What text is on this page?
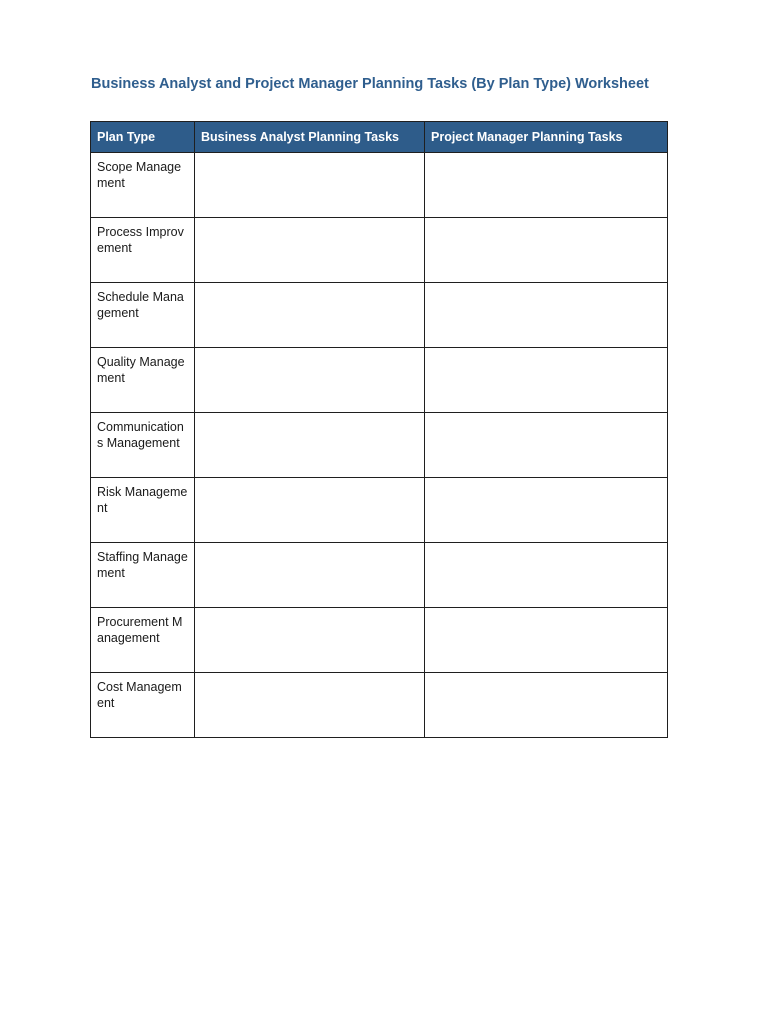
Business Analyst and Project Manager Planning Tasks (By Plan Type) Worksheet
Plan Type	Business Analyst Planning Tasks	Project Manager Planning Tasks
Scope Management		
Process Improvement		
Schedule Management		
Quality Management		
Communications Management		
Risk Management		
Staffing Management		
Procurement Management		
Cost Management		
